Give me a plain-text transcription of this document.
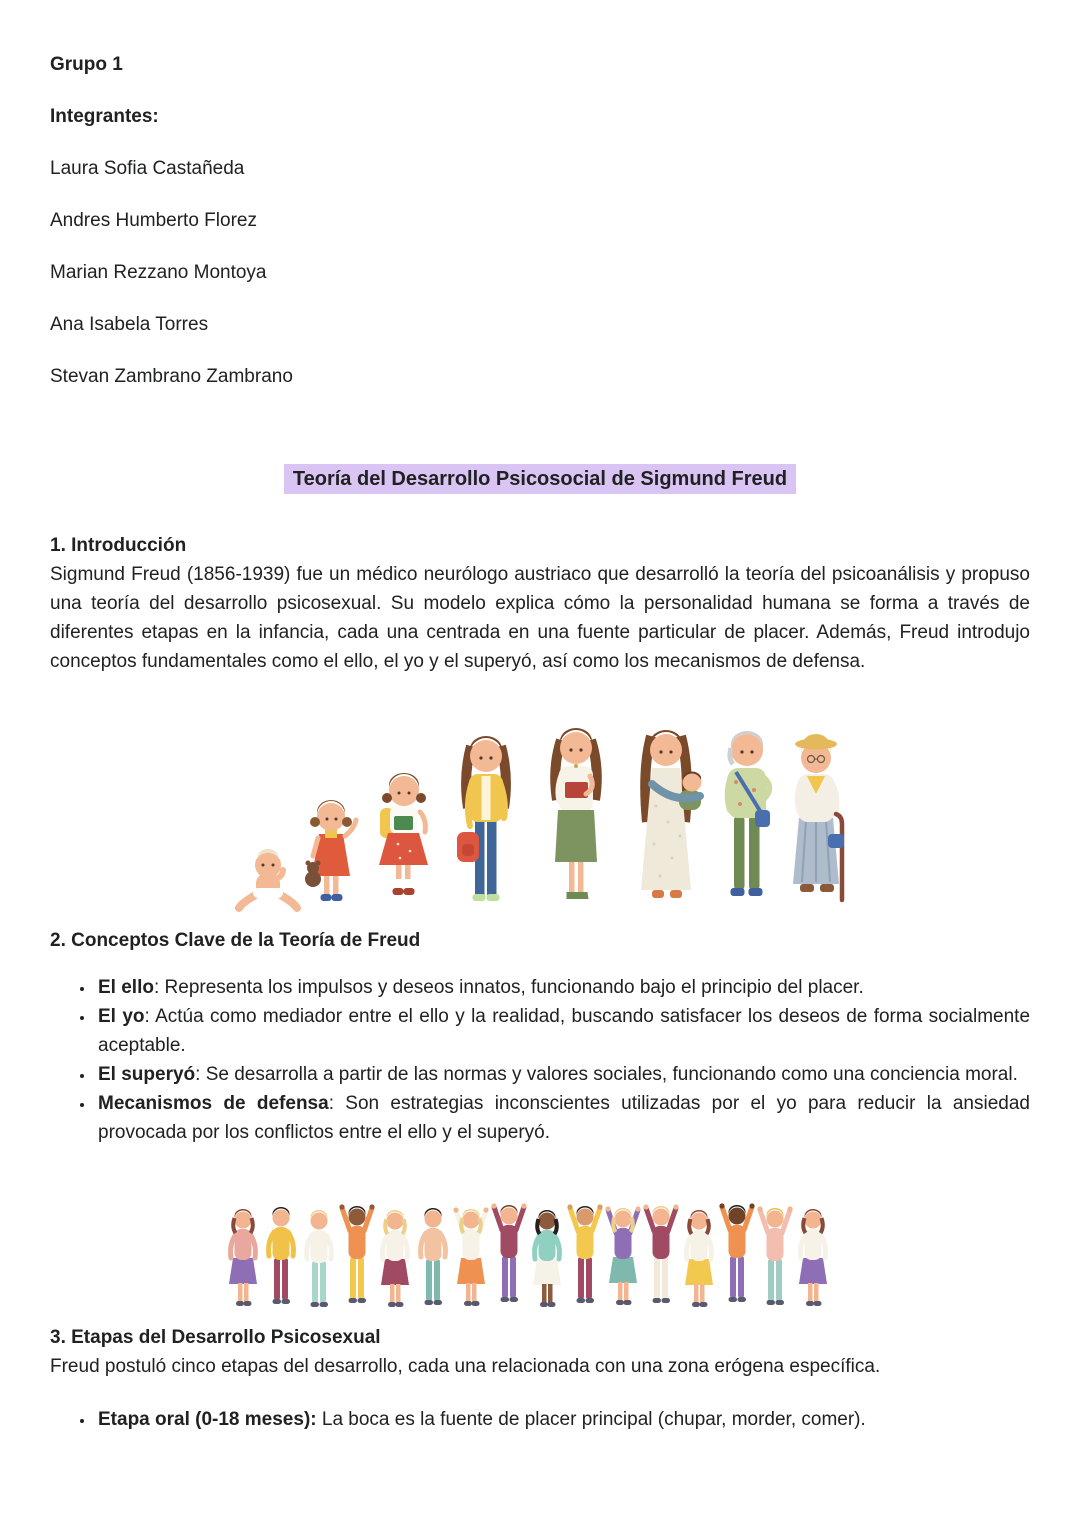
Grupo 1

Integrantes:

Laura Sofia Castañeda

Andres Humberto Florez

Marian Rezzano Montoya

Ana Isabela Torres

Stevan Zambrano Zambrano

Teoría del Desarrollo Psicosocial de Sigmund Freud
1. Introducción

Sigmund Freud (1856-1939) fue un médico neurólogo austriaco que desarrolló la teoría del psicoanálisis y propuso una teoría del desarrollo psicosexual. Su modelo explica cómo la personalidad humana se forma a través de diferentes etapas en la infancia, cada una centrada en una fuente particular de placer. Además, Freud introdujo conceptos fundamentales como el ello, el yo y el superyó, así como los mecanismos de defensa.

2. Conceptos Clave de la Teoría de Freud
• El ello: Representa los impulsos y deseos innatos, funcionando bajo el principio del placer.
• El yo: Actúa como mediador entre el ello y la realidad, buscando satisfacer los deseos de forma socialmente aceptable.
• El superyó: Se desarrolla a partir de las normas y valores sociales, funcionando como una conciencia moral.
• Mecanismos de defensa: Son estrategias inconscientes utilizadas por el yo para reducir la ansiedad provocada por los conflictos entre el ello y el superyó.
3. Etapas del Desarrollo Psicosexual

Freud postuló cinco etapas del desarrollo, cada una relacionada con una zona erógena específica.

• Etapa oral (0-18 meses): La boca es la fuente de placer principal (chupar, morder, comer).
